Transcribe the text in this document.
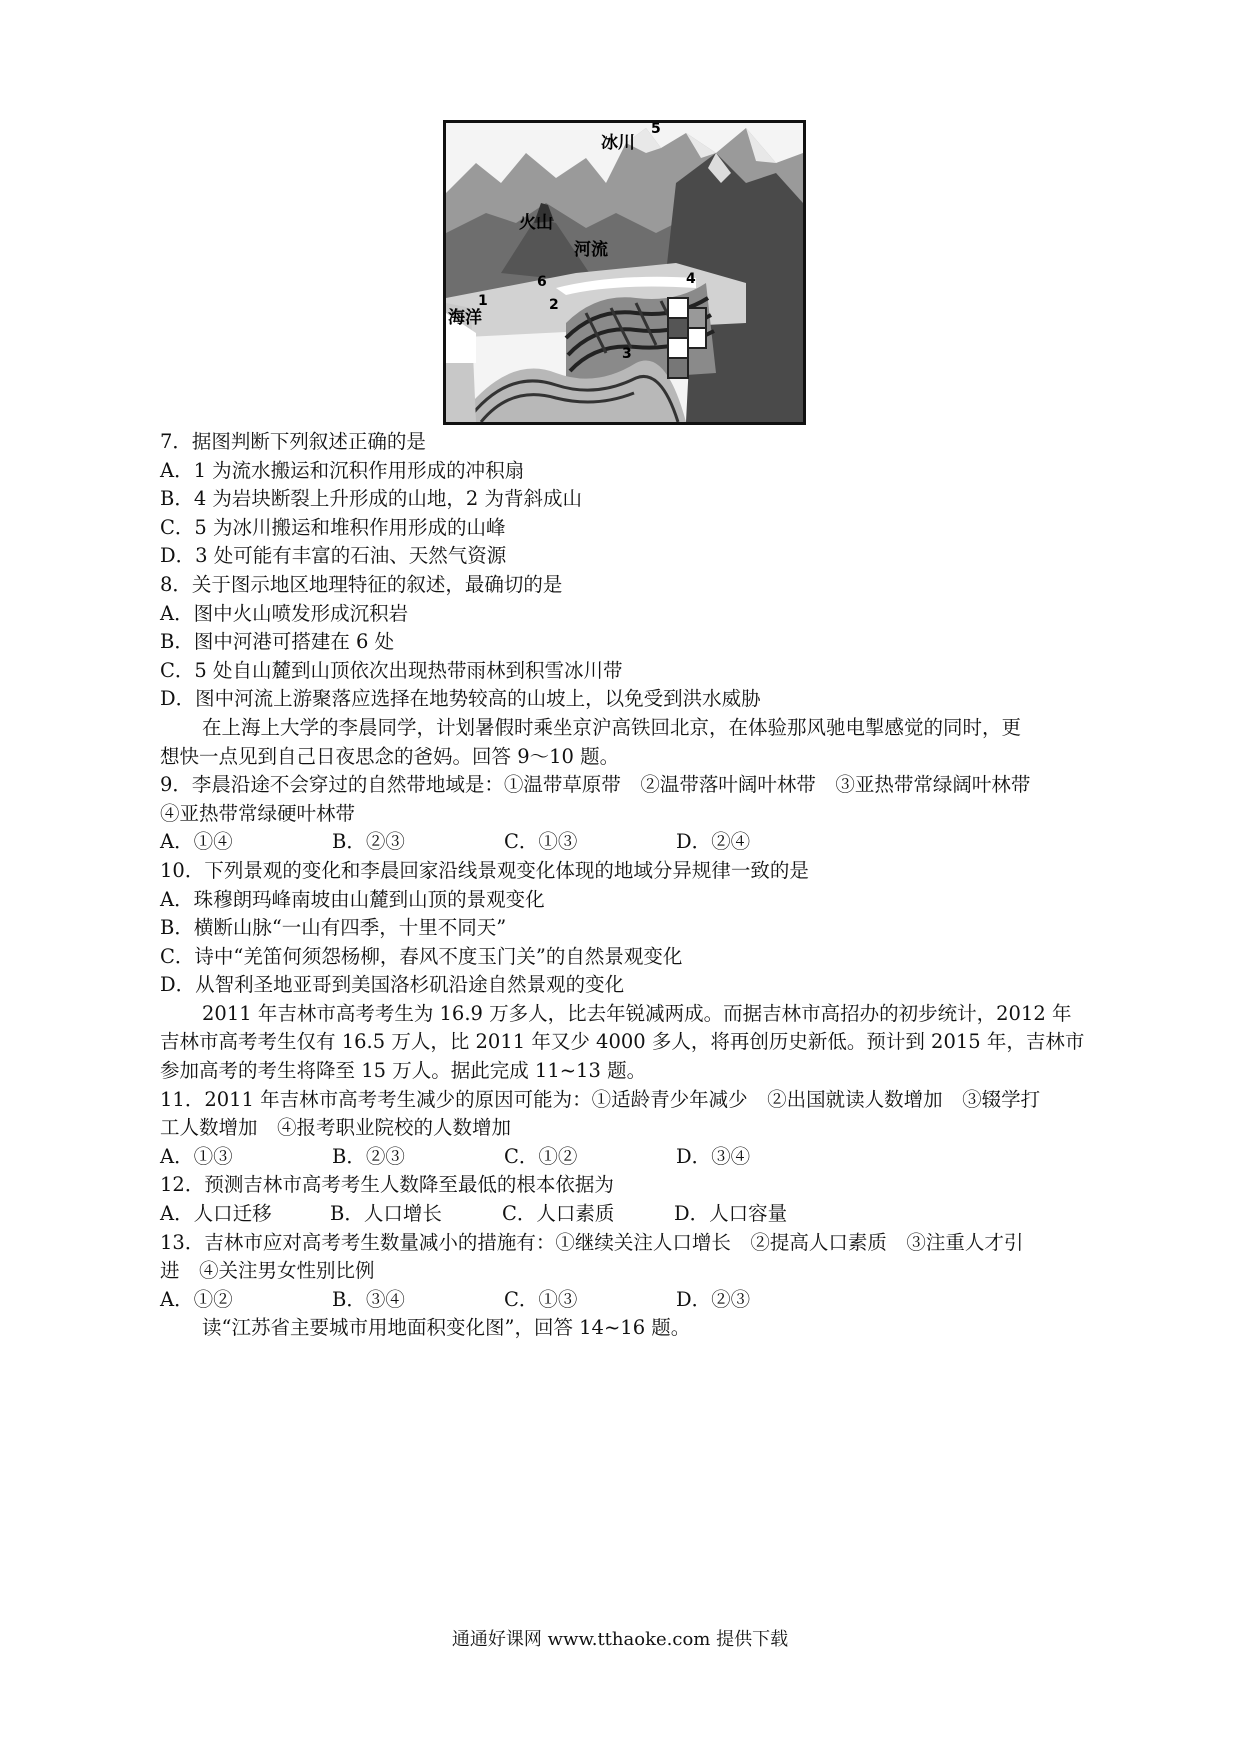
冰川
5
火山
河流
海洋
1	2
3
4
6
7．据图判断下列叙述正确的是
A．1 为流水搬运和沉积作用形成的冲积扇
B．4 为岩块断裂上升形成的山地，2 为背斜成山
C．5 为冰川搬运和堆积作用形成的山峰
D．3 处可能有丰富的石油、天然气资源
8．关于图示地区地理特征的叙述，最确切的是
A．图中火山喷发形成沉积岩
B．图中河港可搭建在 6 处
C．5 处自山麓到山顶依次出现热带雨林到积雪冰川带
D．图中河流上游聚落应选择在地势较高的山坡上，以免受到洪水威胁
在上海上大学的李晨同学，计划暑假时乘坐京沪高铁回北京，在体验那风驰电掣感觉的同时，更
想快一点见到自己日夜思念的爸妈。回答 9～10 题。
9．李晨沿途不会穿过的自然带地域是：①温带草原带　②温带落叶阔叶林带　③亚热带常绿阔叶林带
④亚热带常绿硬叶林带
A．①④	B．②③	C．①③	D．②④
10．下列景观的变化和李晨回家沿线景观变化体现的地域分异规律一致的是
A．珠穆朗玛峰南坡由山麓到山顶的景观变化
B．横断山脉“一山有四季，十里不同天”
C．诗中“羌笛何须怨杨柳，春风不度玉门关”的自然景观变化
D．从智利圣地亚哥到美国洛杉矶沿途自然景观的变化
2011 年吉林市高考考生为 16.9 万多人，比去年锐减两成。而据吉林市高招办的初步统计，2012 年
吉林市高考考生仅有 16.5 万人，比 2011 年又少 4000 多人，将再创历史新低。预计到 2015 年，吉林市
参加高考的考生将降至 15 万人。据此完成 11~13 题。
11．2011 年吉林市高考考生减少的原因可能为：①适龄青少年减少　②出国就读人数增加　③辍学打
工人数增加　④报考职业院校的人数增加
A．①③	B．②③	C．①②	D．③④
12．预测吉林市高考考生人数降至最低的根本依据为
A．人口迁移	B．人口增长	C．人口素质	D．人口容量
13．吉林市应对高考考生数量减小的措施有：①继续关注人口增长　②提高人口素质　③注重人才引
进　④关注男女性别比例
A．①②	B．③④	C．①③	D．②③
读“江苏省主要城市用地面积变化图”，回答 14~16 题。
通通好课网 www.tthaoke.com 提供下载
